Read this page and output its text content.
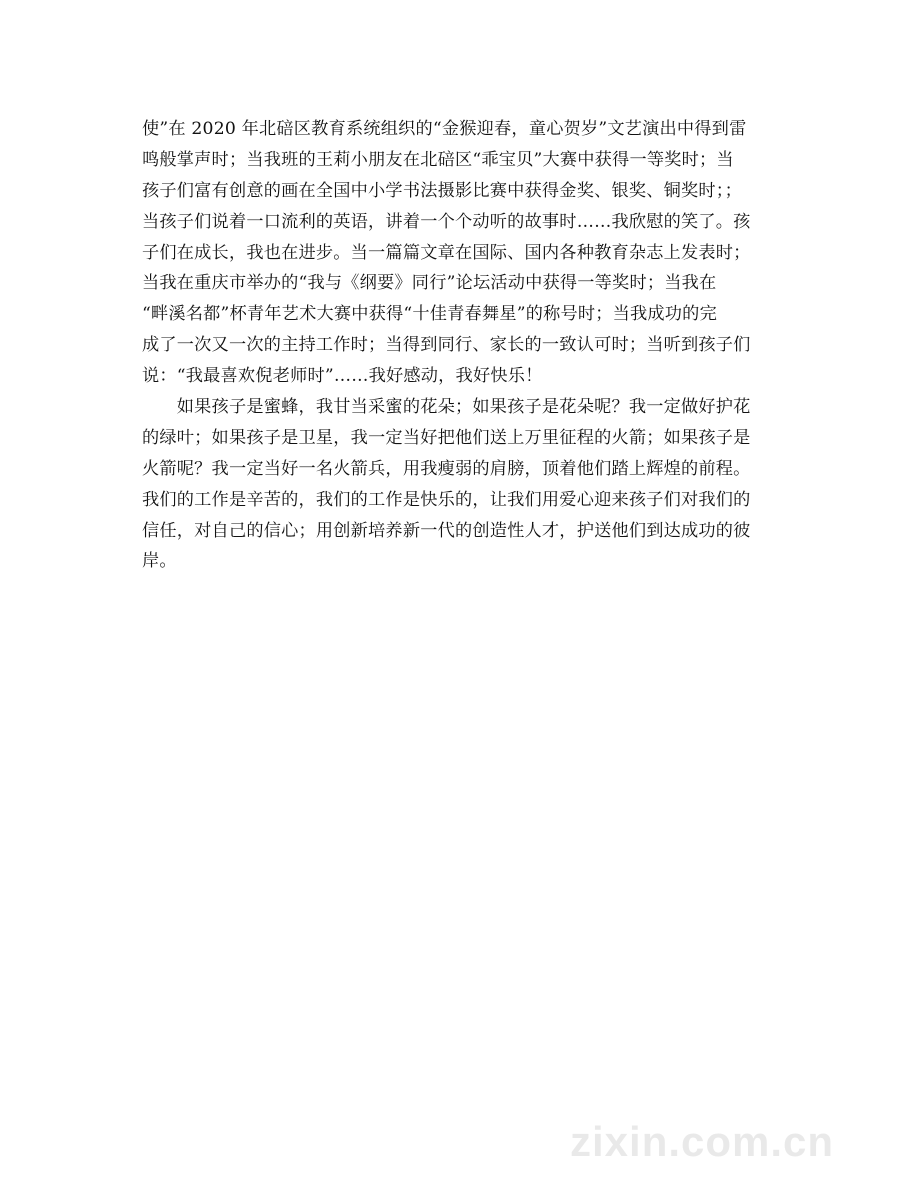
使”在 2020 年北碚区教育系统组织的“金猴迎春，童心贺岁”文艺演出中得到雷
鸣般掌声时；当我班的王莉小朋友在北碚区“乖宝贝”大赛中获得一等奖时；当
孩子们富有创意的画在全国中小学书法摄影比赛中获得金奖、银奖、铜奖时；；
当孩子们说着一口流利的英语，讲着一个个动听的故事时……我欣慰的笑了。孩
子们在成长，我也在进步。当一篇篇文章在国际、国内各种教育杂志上发表时；
当我在重庆市举办的“我与《纲要》同行”论坛活动中获得一等奖时；当我在
“畔溪名都”杯青年艺术大赛中获得“十佳青春舞星”的称号时；当我成功的完
成了一次又一次的主持工作时；当得到同行、家长的一致认可时；当听到孩子们
说：“我最喜欢倪老师时”……我好感动，我好快乐！
　　如果孩子是蜜蜂，我甘当采蜜的花朵；如果孩子是花朵呢？我一定做好护花
的绿叶；如果孩子是卫星，我一定当好把他们送上万里征程的火箭；如果孩子是
火箭呢？我一定当好一名火箭兵，用我瘦弱的肩膀，顶着他们踏上辉煌的前程。
我们的工作是辛苦的，我们的工作是快乐的，让我们用爱心迎来孩子们对我们的
信任，对自己的信心；用创新培养新一代的创造性人才，护送他们到达成功的彼
岸。
zixin.com.cn
